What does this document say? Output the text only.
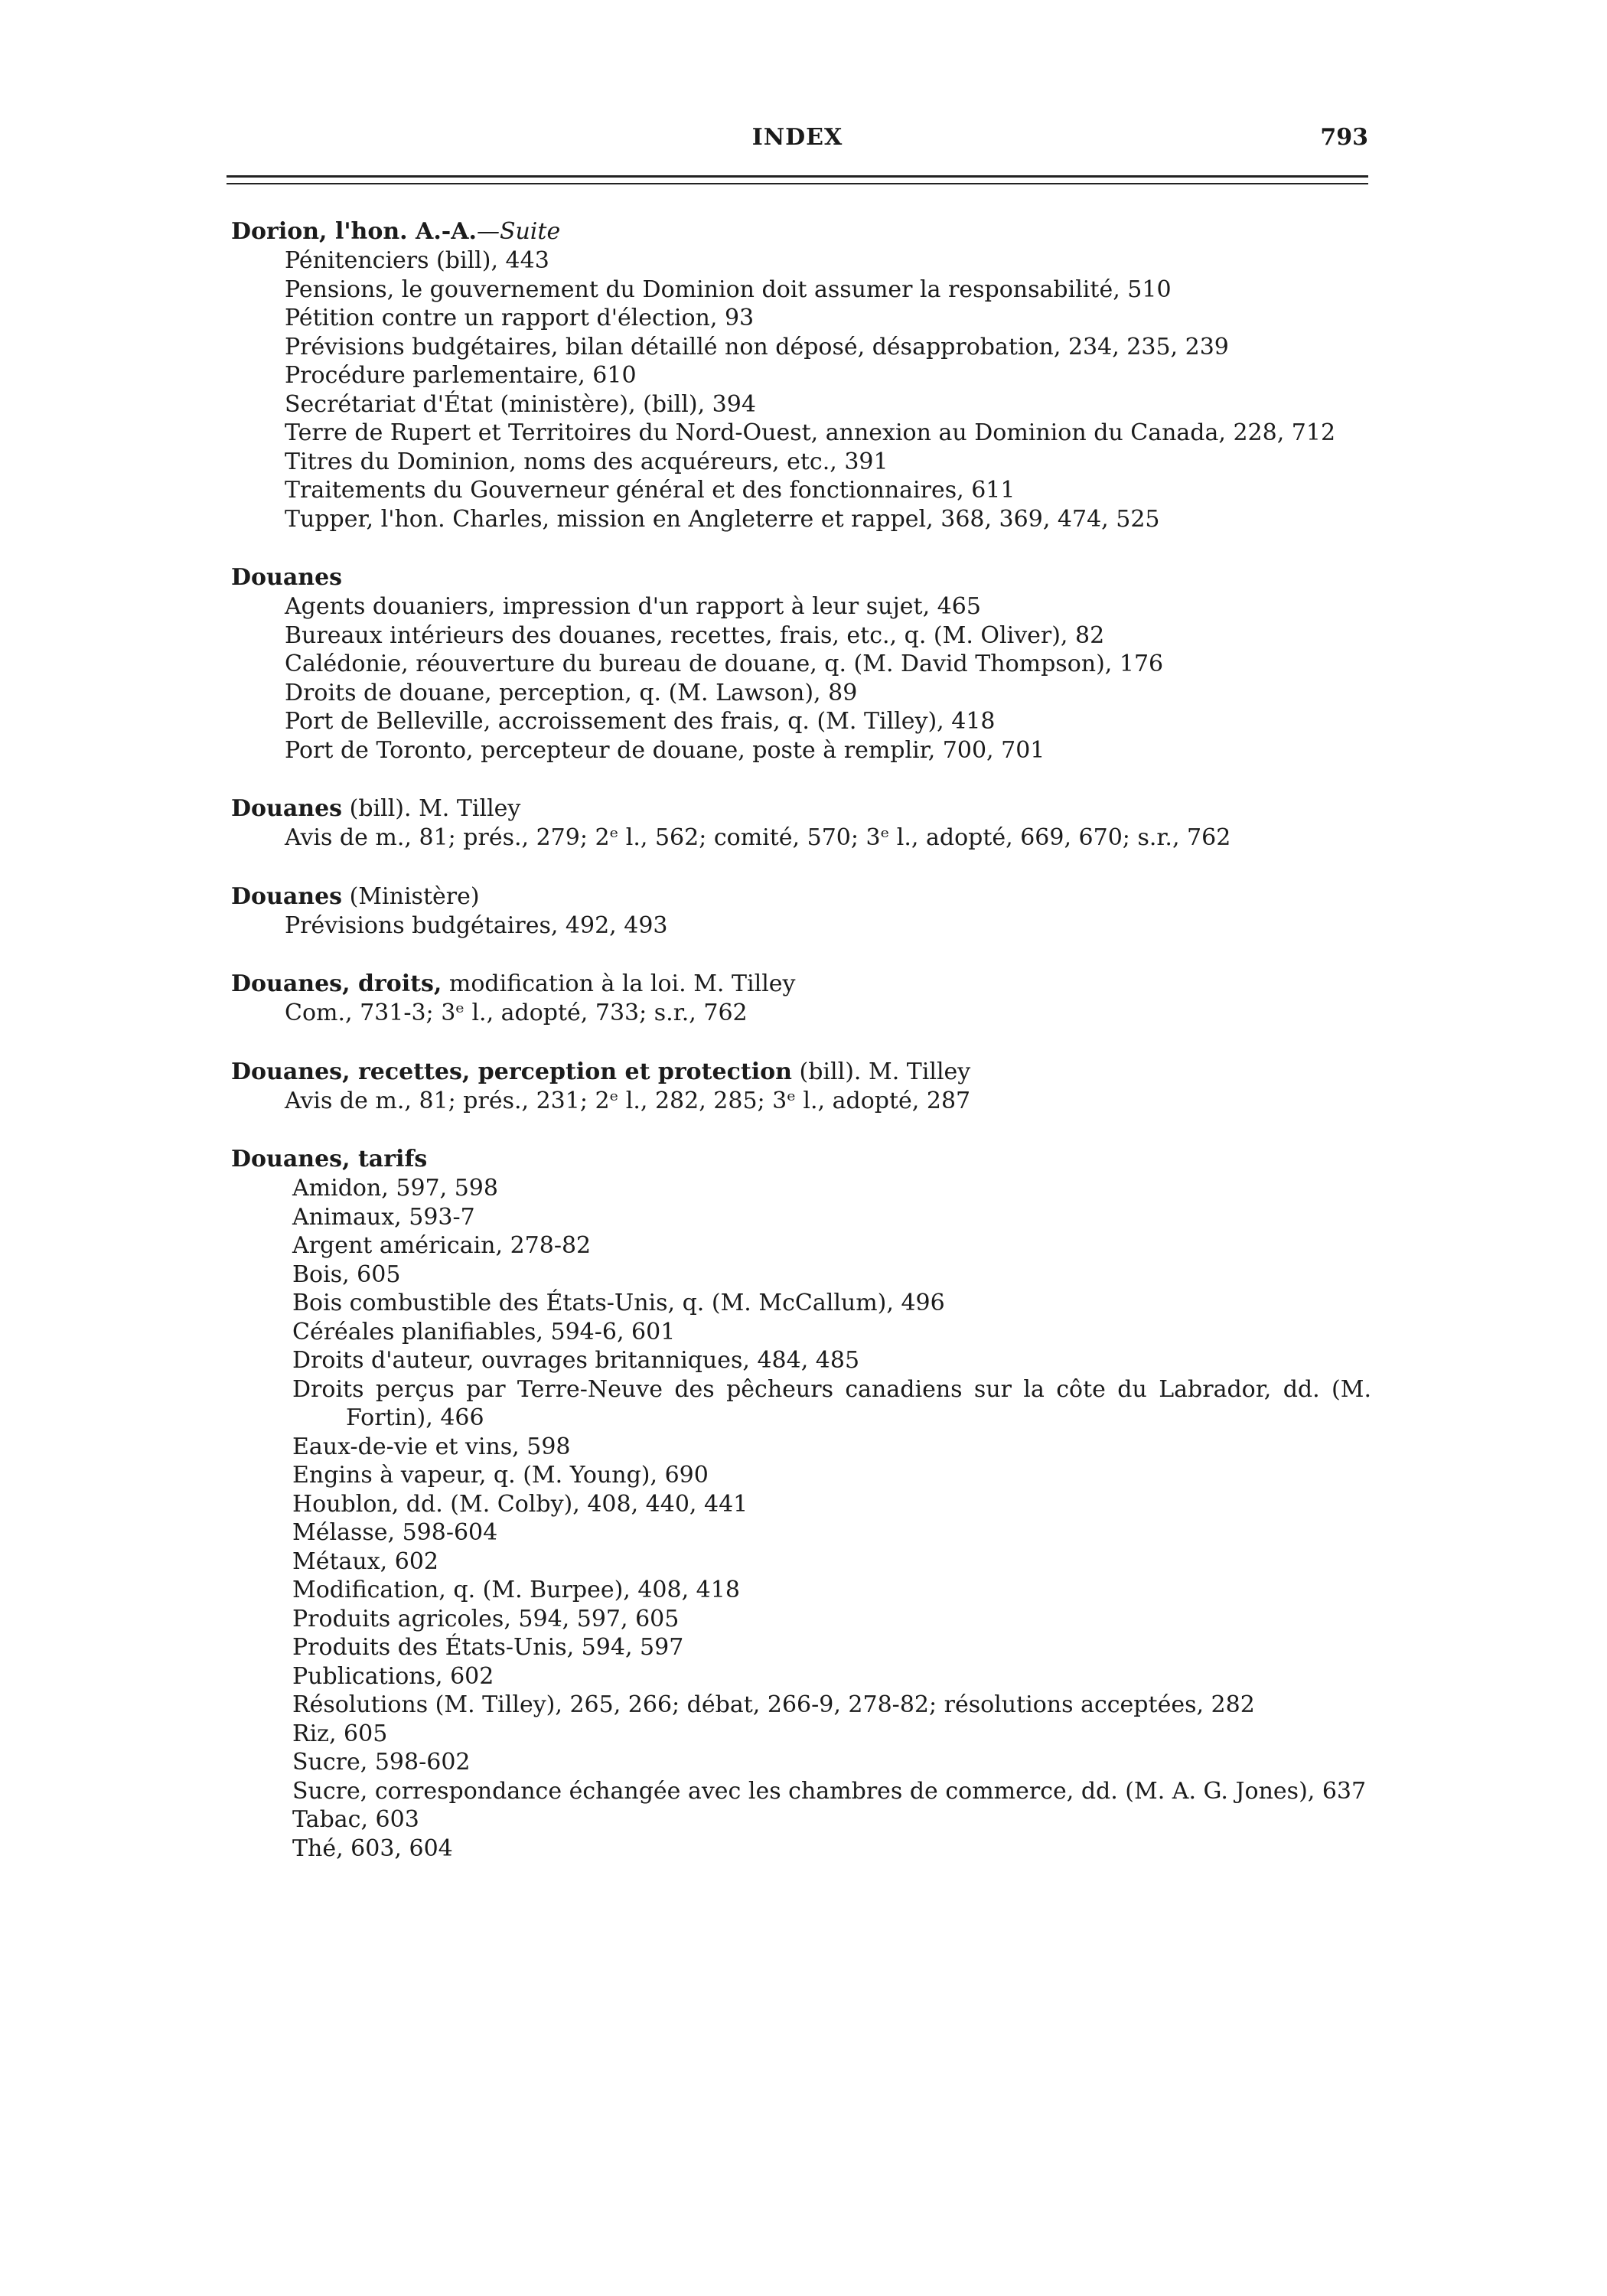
INDEX	793
Dorion, l'hon. A.-A.—Suite
Pénitenciers (bill), 443
Pensions, le gouvernement du Dominion doit assumer la responsabilité, 510
Pétition contre un rapport d'élection, 93
Prévisions budgétaires, bilan détaillé non déposé, désapprobation, 234, 235, 239
Procédure parlementaire, 610
Secrétariat d'État (ministère), (bill), 394
Terre de Rupert et Territoires du Nord-Ouest, annexion au Dominion du Canada, 228, 712
Titres du Dominion, noms des acquéreurs, etc., 391
Traitements du Gouverneur général et des fonctionnaires, 611
Tupper, l'hon. Charles, mission en Angleterre et rappel, 368, 369, 474, 525
Douanes
Agents douaniers, impression d'un rapport à leur sujet, 465
Bureaux intérieurs des douanes, recettes, frais, etc., q. (M. Oliver), 82
Calédonie, réouverture du bureau de douane, q. (M. David Thompson), 176
Droits de douane, perception, q. (M. Lawson), 89
Port de Belleville, accroissement des frais, q. (M. Tilley), 418
Port de Toronto, percepteur de douane, poste à remplir, 700, 701
Douanes (bill). M. Tilley
Avis de m., 81; prés., 279; 2ᵉ l., 562; comité, 570; 3ᵉ l., adopté, 669, 670; s.r., 762
Douanes (Ministère)
Prévisions budgétaires, 492, 493
Douanes, droits, modification à la loi. M. Tilley
Com., 731-3; 3ᵉ l., adopté, 733; s.r., 762
Douanes, recettes, perception et protection (bill). M. Tilley
Avis de m., 81; prés., 231; 2ᵉ l., 282, 285; 3ᵉ l., adopté, 287
Douanes, tarifs
Amidon, 597, 598
Animaux, 593-7
Argent américain, 278-82
Bois, 605
Bois combustible des États-Unis, q. (M. McCallum), 496
Céréales planifiables, 594-6, 601
Droits d'auteur, ouvrages britanniques, 484, 485
Droits perçus par Terre-Neuve des pêcheurs canadiens sur la côte du Labrador, dd. (M. Fortin), 466
Eaux-de-vie et vins, 598
Engins à vapeur, q. (M. Young), 690
Houblon, dd. (M. Colby), 408, 440, 441
Mélasse, 598-604
Métaux, 602
Modification, q. (M. Burpee), 408, 418
Produits agricoles, 594, 597, 605
Produits des États-Unis, 594, 597
Publications, 602
Résolutions (M. Tilley), 265, 266; débat, 266-9, 278-82; résolutions acceptées, 282
Riz, 605
Sucre, 598-602
Sucre, correspondance échangée avec les chambres de commerce, dd. (M. A. G. Jones), 637
Tabac, 603
Thé, 603, 604
